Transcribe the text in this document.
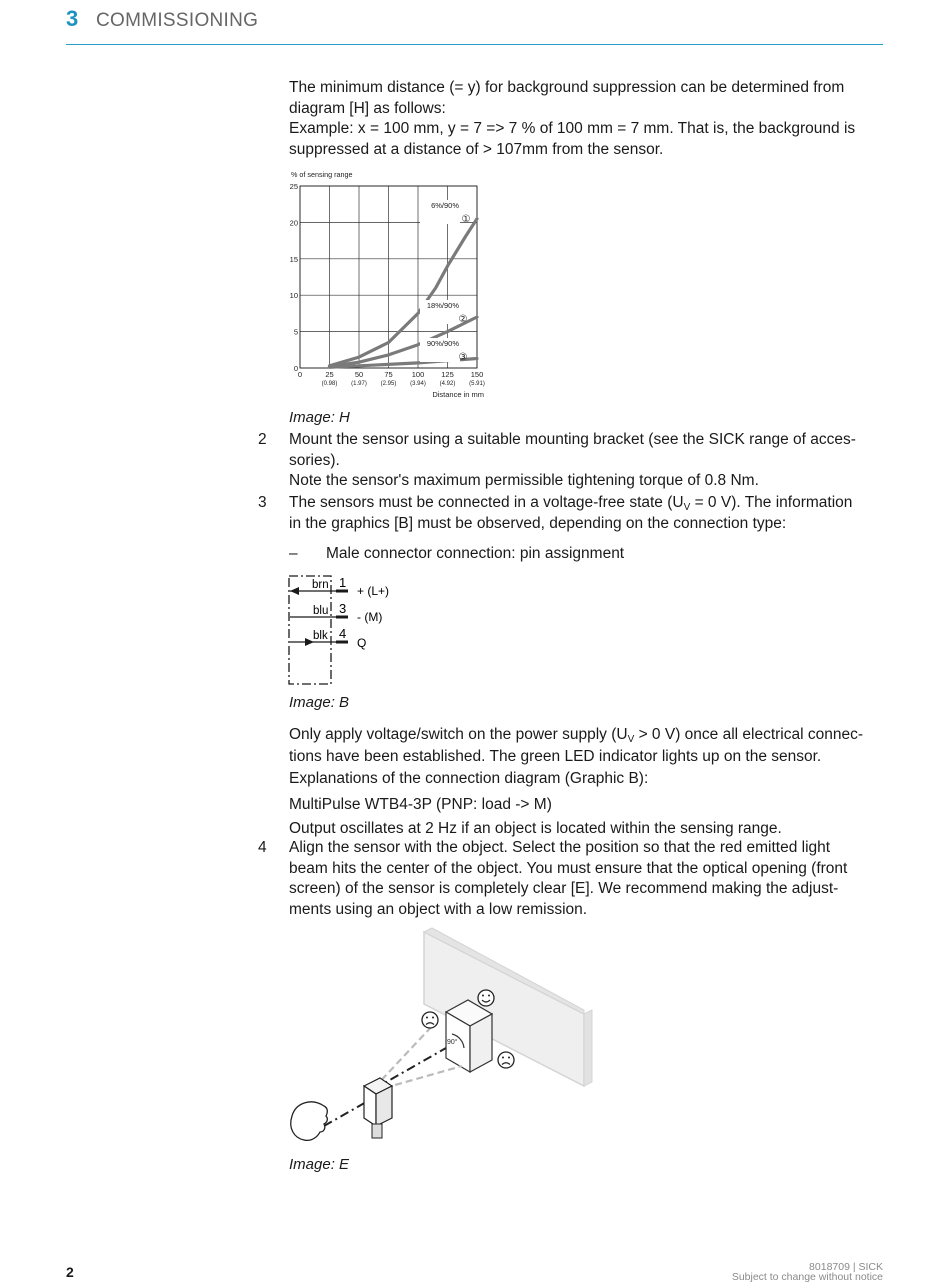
3 COMMISSIONING
The minimum distance (= y) for background suppression can be determined from
diagram [H] as follows:
Example: x = 100 mm, y = 7 => 7 % of 100 mm = 7 mm. That is, the background is
suppressed at a distance of > 107mm from the sensor.
% of sensing range
0
5
10
15
20
25
0	25
(0.98)
50
(1.97)
75
(2.95)
100
(3.94)
125
(4.92)
150
(5.91)
Distance in mm
6%/90%
①
18%/90%
②
90%/90%
③
Image: H
2 Mount the sensor using a suitable mounting bracket (see the SICK range of acces-
sories).
Note the sensor's maximum permissible tightening torque of 0.8 Nm.
3 The sensors must be connected in a voltage-free state ($U_V = 0$ V). The information
in the graphics [B] must be observed, depending on the connection type:
– Male connector connection: pin assignment
brn 1
+ (L+)
blu 3
- (M)
blk 4
Q
Image: B
Only apply voltage/switch on the power supply ($U_V > 0$ V) once all electrical connec-
tions have been established. The green LED indicator lights up on the sensor.
Explanations of the connection diagram (Graphic B):
MultiPulse WTB4-3P (PNP: load -> M)
Output oscillates at 2 Hz if an object is located within the sensing range.
4 Align the sensor with the object. Select the position so that the red emitted light
beam hits the center of the object. You must ensure that the optical opening (front
screen) of the sensor is completely clear [E]. We recommend making the adjust-
ments using an object with a low remission.
90°
Image: E
2	8018709 | SICK
Subject to change without notice
